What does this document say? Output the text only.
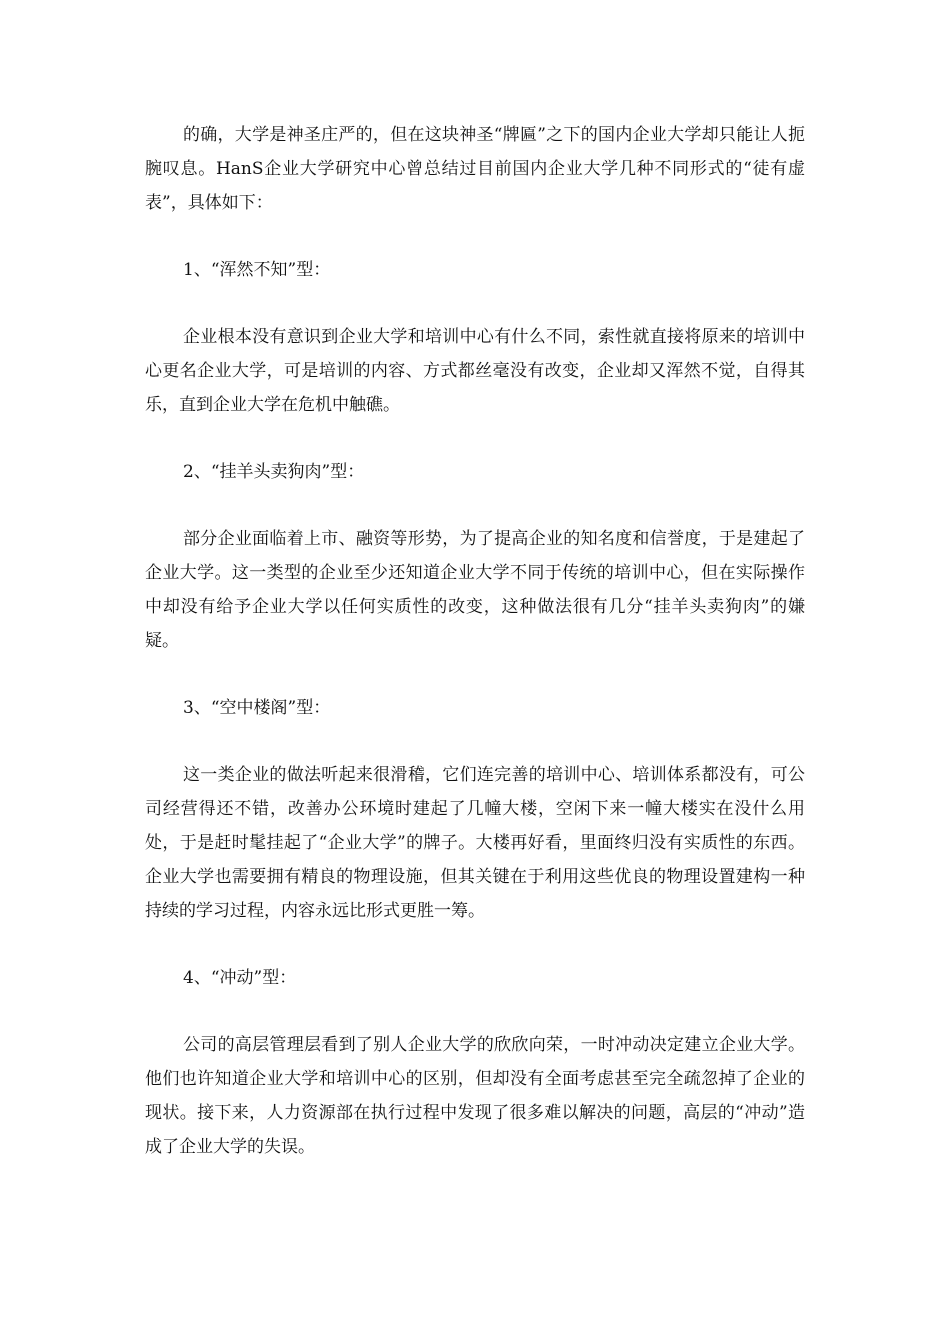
的确，大学是神圣庄严的，但在这块神圣“牌匾”之下的国内企业大学却只能让人扼腕叹息。HanS企业大学研究中心曾总结过目前国内企业大学几种不同形式的“徒有虚表”，具体如下：

1、“浑然不知”型：

企业根本没有意识到企业大学和培训中心有什么不同，索性就直接将原来的培训中心更名企业大学，可是培训的内容、方式都丝毫没有改变，企业却又浑然不觉，自得其乐，直到企业大学在危机中触礁。

2、“挂羊头卖狗肉”型：

部分企业面临着上市、融资等形势，为了提高企业的知名度和信誉度，于是建起了企业大学。这一类型的企业至少还知道企业大学不同于传统的培训中心，但在实际操作中却没有给予企业大学以任何实质性的改变，这种做法很有几分“挂羊头卖狗肉”的嫌疑。

3、“空中楼阁”型：

这一类企业的做法听起来很滑稽，它们连完善的培训中心、培训体系都没有，可公司经营得还不错，改善办公环境时建起了几幢大楼，空闲下来一幢大楼实在没什么用处，于是赶时髦挂起了“企业大学”的牌子。大楼再好看，里面终归没有实质性的东西。企业大学也需要拥有精良的物理设施，但其关键在于利用这些优良的物理设置建构一种持续的学习过程，内容永远比形式更胜一筹。

4、“冲动”型：

公司的高层管理层看到了别人企业大学的欣欣向荣，一时冲动决定建立企业大学。他们也许知道企业大学和培训中心的区别，但却没有全面考虑甚至完全疏忽掉了企业的现状。接下来，人力资源部在执行过程中发现了很多难以解决的问题，高层的“冲动”造成了企业大学的失误。
